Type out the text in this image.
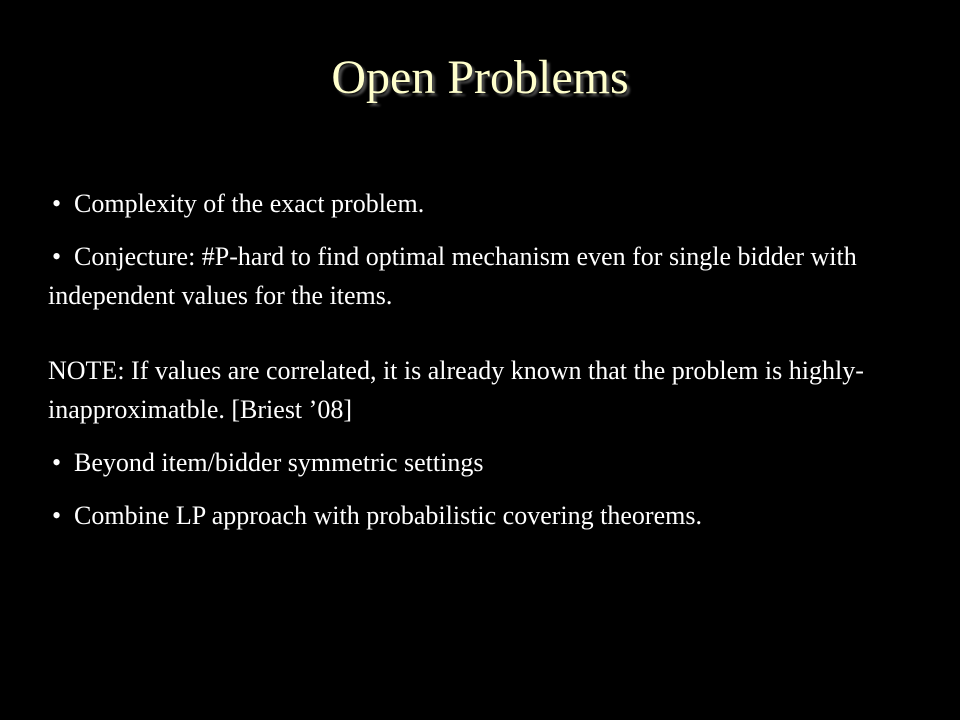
Open Problems

• Complexity of the exact problem.

• Conjecture: #P-hard to find optimal mechanism even for single bidder with independent values for the items.

NOTE: If values are correlated, it is already known that the problem is highly-inapproximatble. [Briest ’08]

• Beyond item/bidder symmetric settings

• Combine LP approach with probabilistic covering theorems.
